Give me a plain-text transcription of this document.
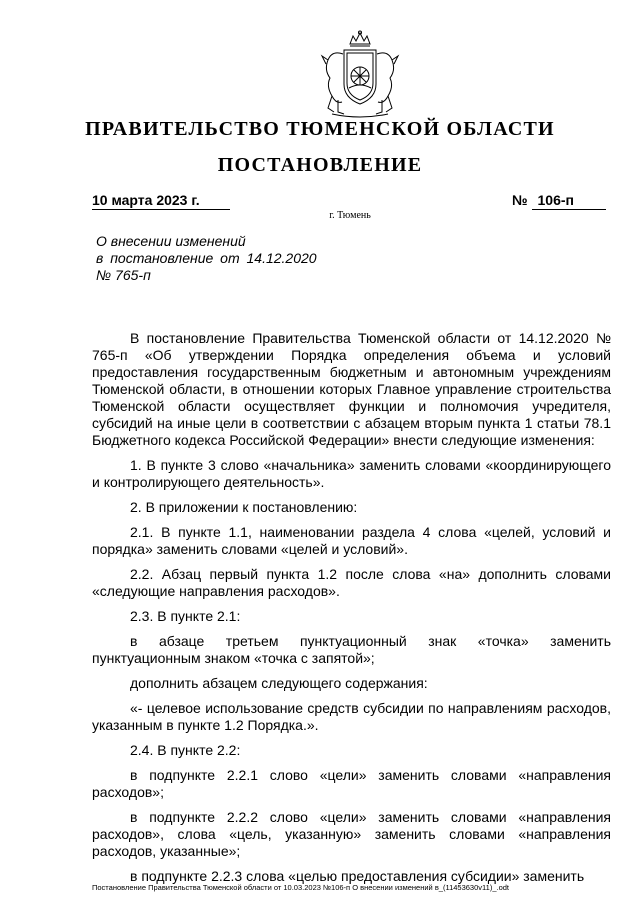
ПРАВИТЕЛЬСТВО ТЮМЕНСКОЙ ОБЛАСТИ
ПОСТАНОВЛЕНИЕ
10 марта 2023 г.	№ 106-п
г. Тюмень
О внесении изменений
в постановление от 14.12.2020
№ 765-п

В постановление Правительства Тюменской области от 14.12.2020 № 765-п «Об утверждении Порядка определения объема и условий предоставления государственным бюджетным и автономным учреждениям Тюменской области, в отношении которых Главное управление строительства Тюменской области осуществляет функции и полномочия учредителя, субсидий на иные цели в соответствии с абзацем вторым пункта 1 статьи 78.1 Бюджетного кодекса Российской Федерации» внести следующие изменения:

1. В пункте 3 слово «начальника» заменить словами «координирующего и контролирующего деятельность».

2. В приложении к постановлению:

2.1. В пункте 1.1, наименовании раздела 4 слова «целей, условий и порядка» заменить словами «целей и условий».

2.2. Абзац первый пункта 1.2 после слова «на» дополнить словами «следующие направления расходов».

2.3. В пункте 2.1:

в абзаце третьем пунктуационный знак «точка» заменить пунктуационным знаком «точка с запятой»;

дополнить абзацем следующего содержания:

«- целевое использование средств субсидии по направлениям расходов, указанным в пункте 1.2 Порядка.».

2.4. В пункте 2.2:

в подпункте 2.2.1 слово «цели» заменить словами «направления расходов»;

в подпункте 2.2.2 слово «цели» заменить словами «направления расходов», слова «цель, указанную» заменить словами «направления расходов, указанные»;

в подпункте 2.2.3 слова «целью предоставления субсидии» заменить

Постановление Правительства Тюменской области от 10.03.2023 №106-п О внесении изменений в_(11453630v11)_.odt
